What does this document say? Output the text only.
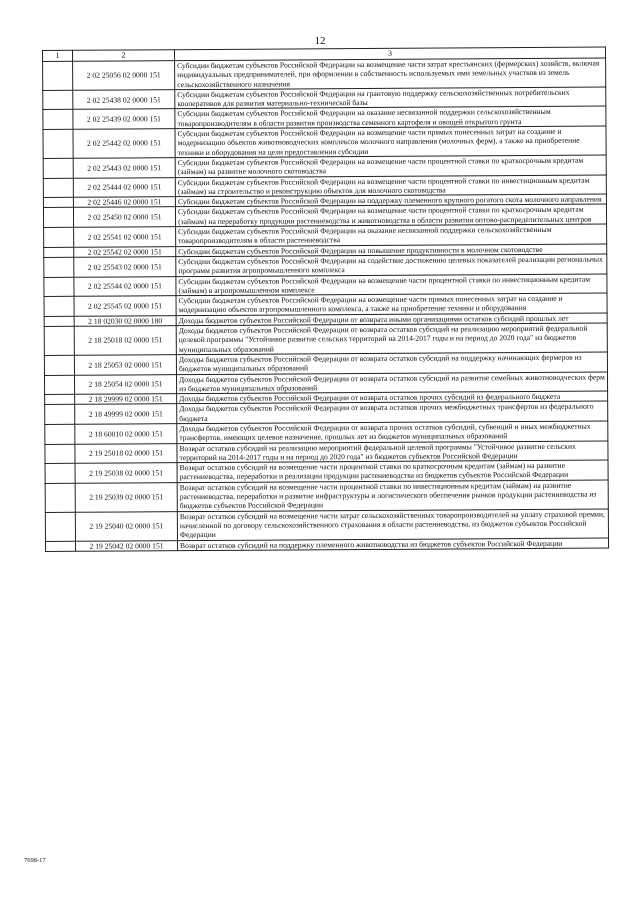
12
1	2	3
	2 02 25056 02 0000 151	Субсидии бюджетам субъектов Российской Федерации на возмещение части затрат крестьянских (фермерских) хозяйств, включая индивидуальных предпринимателей, при оформлении в собственность используемых ими земельных участков из земель сельскохозяйственного назначения
	2 02 25438 02 0000 151	Субсидии бюджетам субъектов Российской Федерации на грантовую поддержку сельскохозяйственных потребительских кооперативов для развития материально-технической базы
	2 02 25439 02 0000 151	Субсидии бюджетам субъектов Российской Федерации на оказание несвязанной поддержки сельскохозяйственным товаропроизводителям в области развития производства семенного картофеля и овощей открытого грунта
	2 02 25442 02 0000 151	Субсидии бюджетам субъектов Российской Федерации на возмещение части прямых понесенных затрат на создание и модернизацию объектов животноводческих комплексов молочного направления (молочных ферм), а также на приобретение техники и оборудования на цели предоставления субсидии
	2 02 25443 02 0000 151	Субсидии бюджетам субъектов Российской Федерации на возмещение части процентной ставки по краткосрочным кредитам (займам) на развитие молочного скотоводства
	2 02 25444 02 0000 151	Субсидии бюджетам субъектов Российской Федерации на возмещение части процентной ставки по инвестиционным кредитам (займам) на строительство и реконструкцию объектов для молочного скотоводства
	2 02 25446 02 0000 151	Субсидии бюджетам субъектов Российской Федерации на поддержку племенного крупного рогатого скота молочного направления
	2 02 25450 02 0000 151	Субсидии бюджетам субъектов Российской Федерации на возмещение части процентной ставки по краткосрочным кредитам (займам) на переработку продукции растениеводства и животноводства в области развития оптово-распределительных центров
	2 02 25541 02 0000 151	Субсидии бюджетам субъектов Российской Федерации на оказание несвязанной поддержки сельскохозяйственным товаропроизводителям в области растениеводства
	2 02 25542 02 0000 151	Субсидии бюджетам субъектов Российской Федерации на повышение продуктивности в молочном скотоводстве
	2 02 25543 02 0000 151	Субсидии бюджетам субъектов Российской Федерации на содействие достижению целевых показателей реализации региональных программ развития агропромышленного комплекса
	2 02 25544 02 0000 151	Субсидии бюджетам субъектов Российской Федерации на возмещение части процентной ставки по инвестиционным кредитам (займам) в агропромышленном комплексе
	2 02 25545 02 0000 151	Субсидии бюджетам субъектов Российской Федерации на возмещение части прямых понесенных затрат на создание и модернизацию объектов агропромышленного комплекса, а также на приобретение техники и оборудования
	2 18 02030 02 0000 180	Доходы бюджетов субъектов Российской Федерации от возврата иными организациями остатков субсидий прошлых лет
	2 18 25018 02 0000 151	Доходы бюджетов субъектов Российской Федерации от возврата остатков субсидий на реализацию мероприятий федеральной целевой программы "Устойчивое развитие сельских территорий на 2014-2017 годы и на период до 2020 года" из бюджетов муниципальных образований
	2 18 25053 02 0000 151	Доходы бюджетов субъектов Российской Федерации от возврата остатков субсидий на поддержку начинающих фермеров из бюджетов муниципальных образований
	2 18 25054 02 0000 151	Доходы бюджетов субъектов Российской Федерации от возврата остатков субсидий на развитие семейных животноводческих ферм из бюджетов муниципальных образований
	2 18 29999 02 0000 151	Доходы бюджетов субъектов Российской Федерации от возврата остатков прочих субсидий из федерального бюджета
	2 18 49999 02 0000 151	Доходы бюджетов субъектов Российской Федерации от возврата остатков прочих межбюджетных трансфертов из федерального бюджета
	2 18 60010 02 0000 151	Доходы бюджетов субъектов Российской Федерации от возврата прочих остатков субсидий, субвенций и иных межбюджетных трансфертов, имеющих целевое назначение, прошлых лет из бюджетов муниципальных образований
	2 19 25018 02 0000 151	Возврат остатков субсидий на реализацию мероприятий федеральной целевой программы "Устойчивое развитие сельских территорий на 2014-2017 годы и на период до 2020 года" из бюджетов субъектов Российской Федерации
	2 19 25038 02 0000 151	Возврат остатков субсидий на возмещение части процентной ставки по краткосрочным кредитам (займам) на развитие растениеводства, переработки и реализации продукции растениеводства из бюджетов субъектов Российской Федерации
	2 19 25039 02 0000 151	Возврат остатков субсидий на возмещение части процентной ставки по инвестиционным кредитам (займам) на развитие растениеводства, переработки и развитие инфраструктуры и логистического обеспечения рынков продукции растениеводства из бюджетов субъектов Российской Федерации
	2 19 25040 02 0000 151	Возврат остатков субсидий на возмещение части затрат сельскохозяйственных товаропроизводителей на уплату страховой премии, начисленной по договору сельскохозяйственного страхования в области растениеводства, из бюджетов субъектов Российской Федерации
	2 19 25042 02 0000 151	Возврат остатков субсидий на поддержку племенного животноводства из бюджетов субъектов Российской Федерации
7698-17
